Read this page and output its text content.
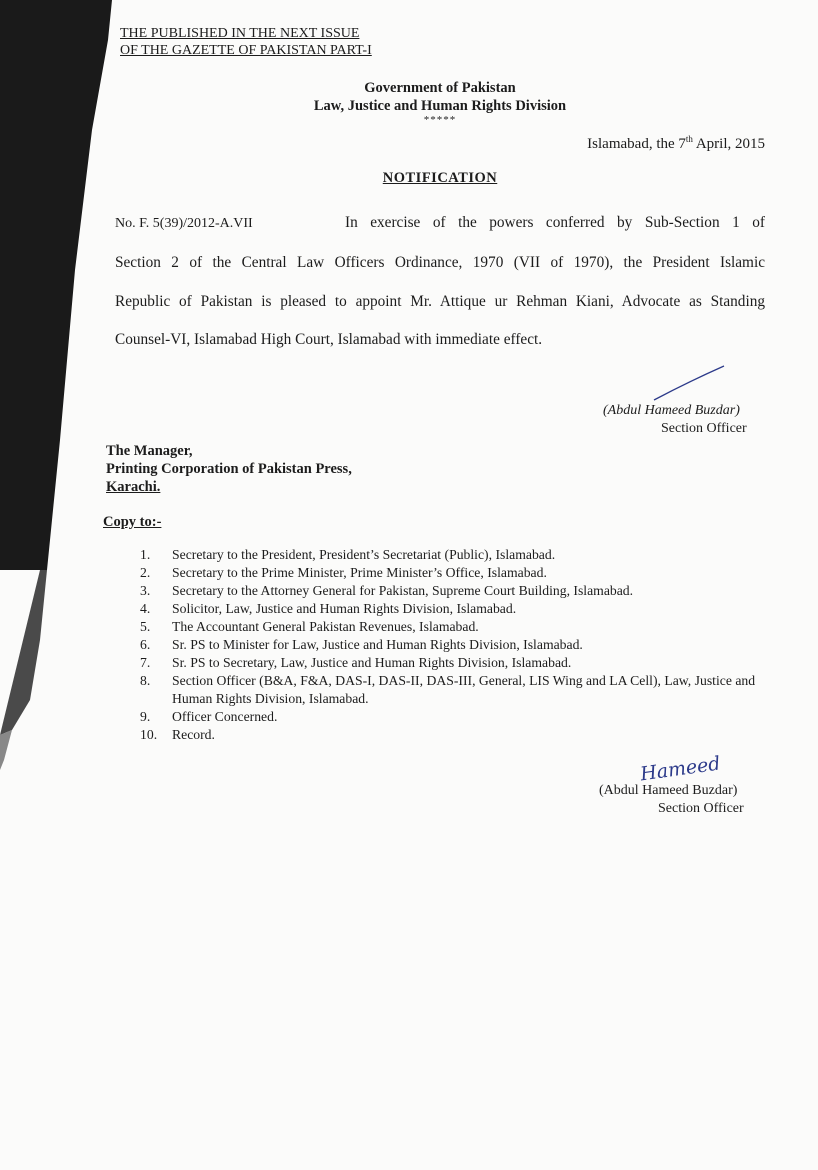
THE PUBLISHED IN THE NEXT ISSUE
OF THE GAZETTE OF PAKISTAN PART-I
Government of Pakistan
Law, Justice and Human Rights Division
*****
Islamabad, the 7th April, 2015
NOTIFICATION
No. F. 5(39)/2012-A.VII	In exercise of the powers conferred by Sub-Section 1 of
Section 2 of the Central Law Officers Ordinance, 1970 (VII of 1970), the President Islamic
Republic of Pakistan is pleased to appoint Mr. Attique ur Rehman Kiani, Advocate as Standing
Counsel-VI, Islamabad High Court, Islamabad with immediate effect.
(Abdul Hameed Buzdar)
Section Officer
The Manager,
Printing Corporation of Pakistan Press,
Karachi.
Copy to:-
1.	Secretary to the President, President’s Secretariat (Public), Islamabad.
2.	Secretary to the Prime Minister, Prime Minister’s Office, Islamabad.
3.	Secretary to the Attorney General for Pakistan, Supreme Court Building, Islamabad.
4.	Solicitor, Law, Justice and Human Rights Division, Islamabad.
5.	The Accountant General Pakistan Revenues, Islamabad.
6.	Sr. PS to Minister for Law, Justice and Human Rights Division, Islamabad.
7.	Sr. PS to Secretary, Law, Justice and Human Rights Division, Islamabad.
8.	Section Officer (B&A, F&A, DAS-I, DAS-II, DAS-III, General, LIS Wing and LA Cell), Law, Justice and Human Rights Division, Islamabad.
9.	Officer Concerned.
10.	Record.
Hameed
(Abdul Hameed Buzdar)
Section Officer
